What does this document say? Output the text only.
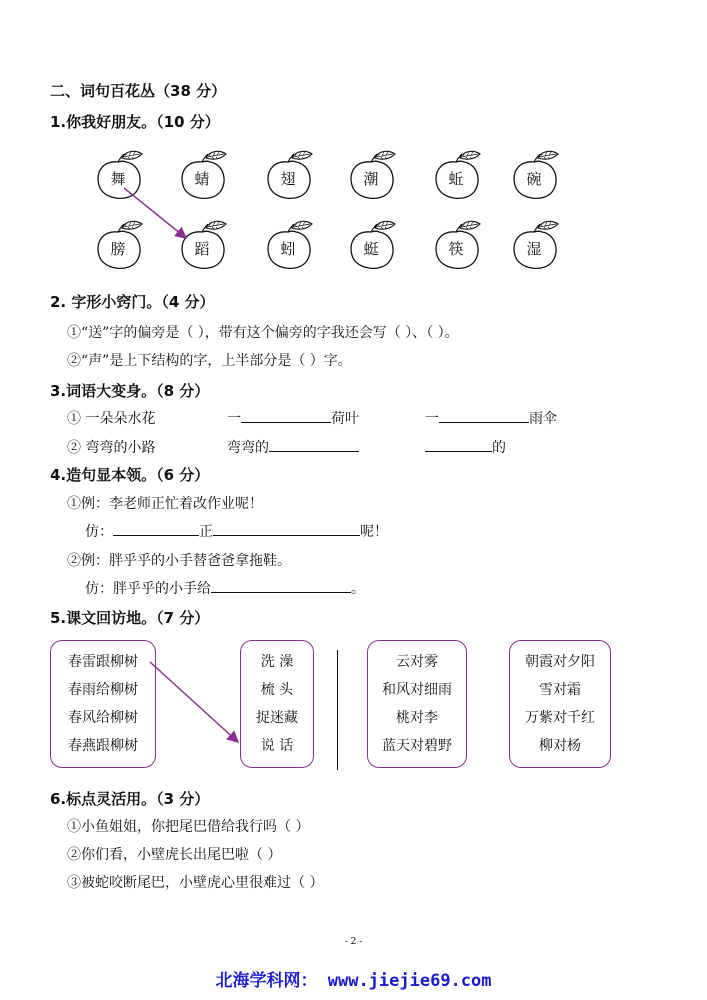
二、词句百花丛（38 分）
1.你我好朋友。（10 分）
舞	蜻	翅	潮	蚯	碗
膀	蹈	蚓	蜓	筷	湿
2. 字形小窍门。（4 分）
①“送”字的偏旁是（ ），带有这个偏旁的字我还会写（ ）、（ ）。
②“声”是上下结构的字，上半部分是（ ）字。
3.词语大变身。（8 分）
① 一朵朵水花	一	荷叶	一	雨伞
② 弯弯的小路	弯弯的	的
4.造句显本领。（6 分）
①例：李老师正忙着改作业呢！
仿：	正	呢！
②例：胖乎乎的小手替爸爸拿拖鞋。
仿：胖乎乎的小手给	。
5.课文回访地。（7 分）
春雷跟柳树
春雨给柳树
春风给柳树
春燕跟柳树
洗 澡
梳 头
捉迷藏
说 话
云对雾
和风对细雨
桃对李
蓝天对碧野
朝霞对夕阳
雪对霜
万紫对千红
柳对杨
6.标点灵活用。（3 分）
①小鱼姐姐，你把尾巴借给我行吗（ ）
②你们看，小壁虎长出尾巴啦（ ）
③被蛇咬断尾巴，小壁虎心里很难过（ ）
- 2 -
北海学科网： www.jiejie69.com
